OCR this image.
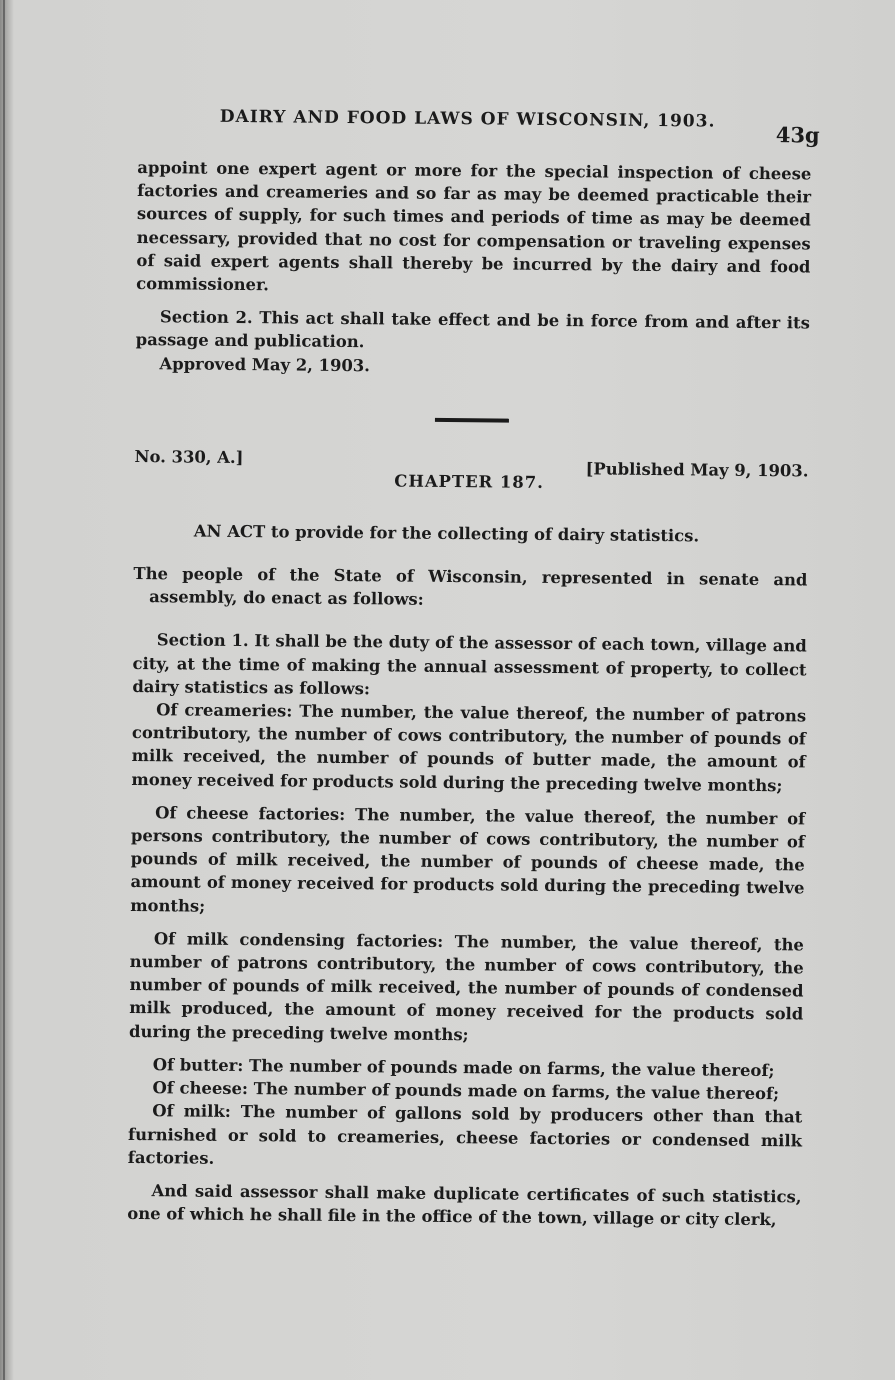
DAIRY AND FOOD LAWS OF WISCONSIN, 1903.
43g

appoint one expert agent or more for the special inspection of cheese factories and creameries and so far as may be deemed practicable their sources of supply, for such times and periods of time as may be deemed necessary, provided that no cost for compensation or traveling expenses of said expert agents shall thereby be incurred by the dairy and food commissioner.

Section 2. This act shall take effect and be in force from and after its passage and publication.

Approved May 2, 1903.

No. 330, A.]
CHAPTER 187.
[Published May 9, 1903.

AN ACT to provide for the collecting of dairy statistics.

The people of the State of Wisconsin, represented in senate and assembly, do enact as follows:

Section 1. It shall be the duty of the assessor of each town, village and city, at the time of making the annual assessment of property, to collect dairy statistics as follows:

Of creameries: The number, the value thereof, the number of patrons contributory, the number of cows contributory, the number of pounds of milk received, the number of pounds of butter made, the amount of money received for products sold during the preceding twelve months;

Of cheese factories: The number, the value thereof, the number of persons contributory, the number of cows contributory, the number of pounds of milk received, the number of pounds of cheese made, the amount of money received for products sold during the preceding twelve months;

Of milk condensing factories: The number, the value thereof, the number of patrons contributory, the number of cows contributory, the number of pounds of milk received, the number of pounds of condensed milk produced, the amount of money received for the products sold during the preceding twelve months;

Of butter: The number of pounds made on farms, the value thereof;

Of cheese: The number of pounds made on farms, the value thereof;

Of milk: The number of gallons sold by producers other than that furnished or sold to creameries, cheese factories or condensed milk factories.

And said assessor shall make duplicate certificates of such statistics, one of which he shall file in the office of the town, village or city clerk,
